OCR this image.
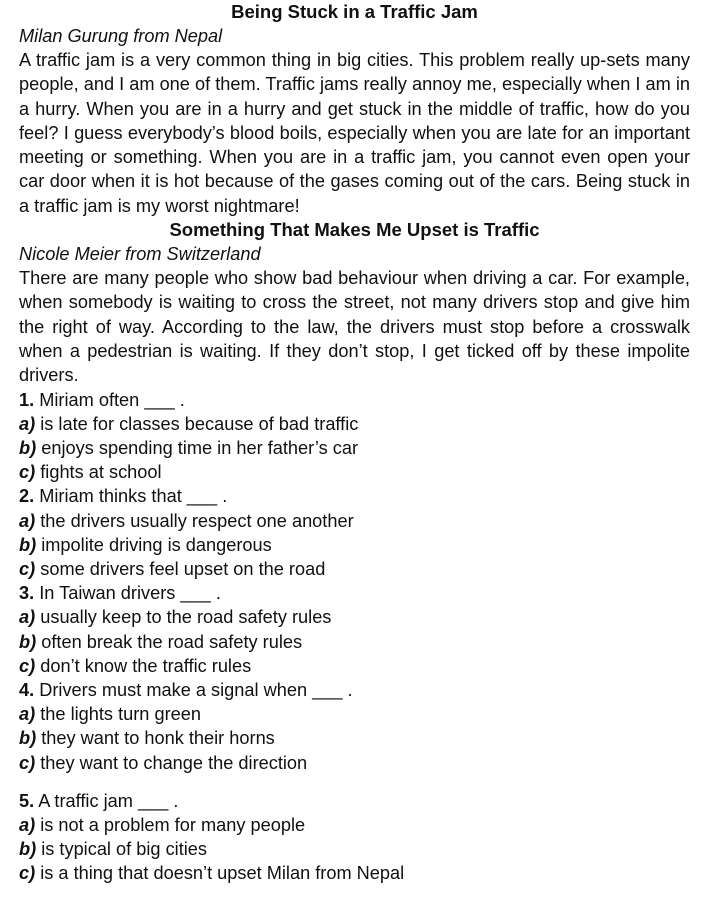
Being Stuck in a Traffic Jam

Milan Gurung from Nepal

A traffic jam is a very common thing in big cities. This problem really up-sets many people, and I am one of them. Traffic jams really annoy me, especially when I am in a hurry. When you are in a hurry and get stuck in the middle of traffic, how do you feel? I guess everybody’s blood boils, especially when you are late for an important meeting or something. When you are in a traffic jam, you cannot even open your car door when it is hot because of the gases coming out of the cars. Being stuck in a traffic jam is my worst nightmare!

Something That Makes Me Upset is Traffic

Nicole Meier from Switzerland

There are many people who show bad behaviour when driving a car. For example, when somebody is waiting to cross the street, not many drivers stop and give him the right of way. According to the law, the drivers must stop before a crosswalk when a pedestrian is waiting. If they don’t stop, I get ticked off by these impolite drivers.

1. Miriam often ___ .

a) is late for classes because of bad traffic

b) enjoys spending time in her father’s car

c) fights at school

2. Miriam thinks that ___ .

a) the drivers usually respect one another

b) impolite driving is dangerous

c) some drivers feel upset on the road

3. In Taiwan drivers ___ .

a) usually keep to the road safety rules

b) often break the road safety rules

c) don’t know the traffic rules

4. Drivers must make a signal when ___ .

a) the lights turn green

b) they want to honk their horns

c) they want to change the direction

5. A traffic jam ___ .

a) is not a problem for many people

b) is typical of big cities

c) is a thing that doesn’t upset Milan from Nepal
